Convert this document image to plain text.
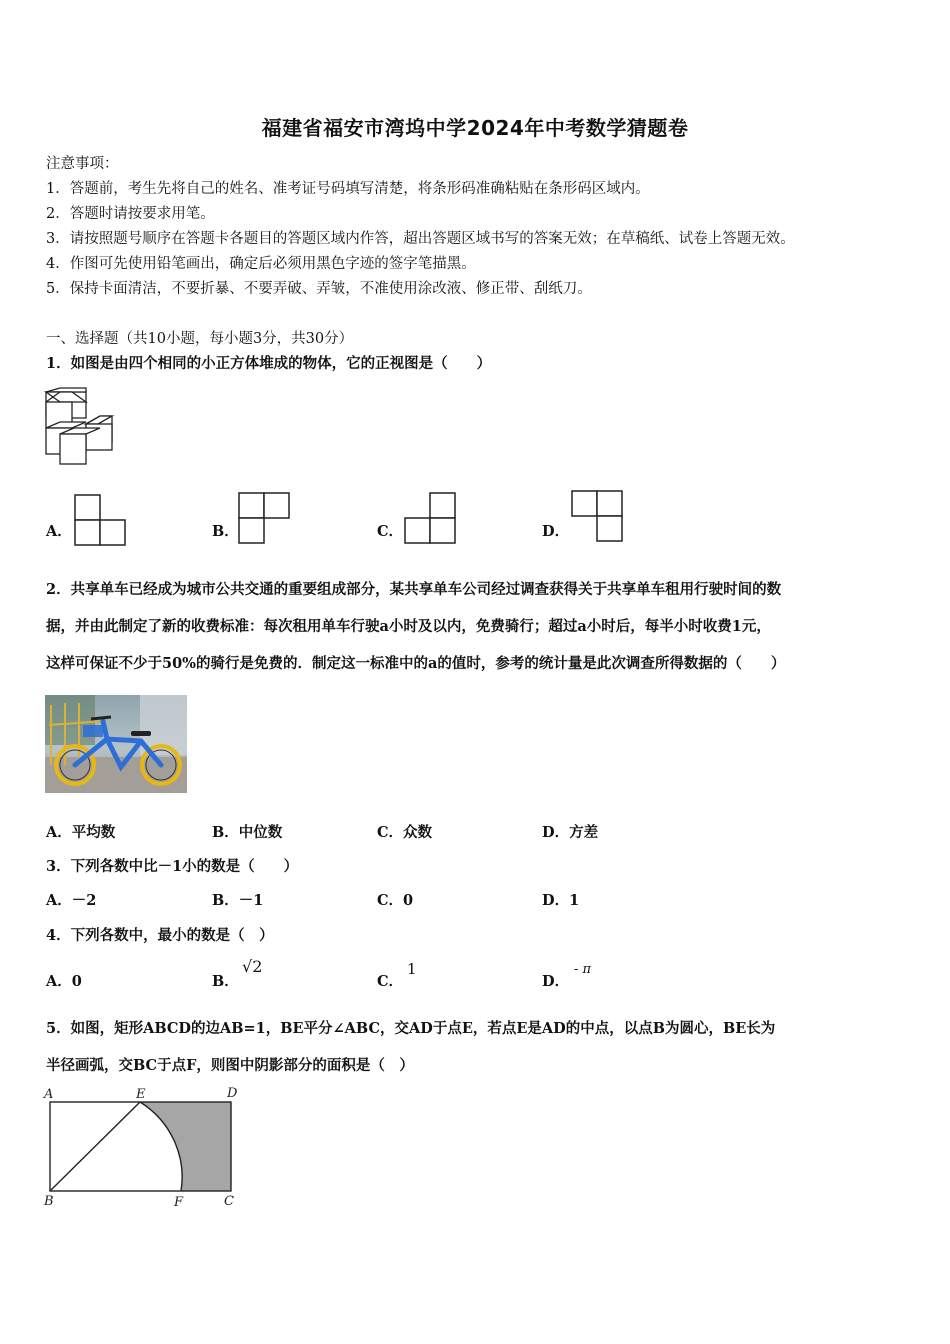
福建省福安市湾坞中学2024年中考数学猜题卷
注意事项：
1．答题前，考生先将自己的姓名、准考证号码填写清楚，将条形码准确粘贴在条形码区域内。
2．答题时请按要求用笔。
3．请按照题号顺序在答题卡各题目的答题区域内作答，超出答题区域书写的答案无效；在草稿纸、试卷上答题无效。
4．作图可先使用铅笔画出，确定后必须用黑色字迹的签字笔描黑。
5．保持卡面清洁，不要折暴、不要弄破、弄皱，不准使用涂改液、修正带、刮纸刀。
一、选择题（共10小题，每小题3分，共30分）
1．如图是由四个相同的小正方体堆成的物体，它的正视图是（　　）
A．	B．	C．	D．
2．共享单车已经成为城市公共交通的重要组成部分，某共享单车公司经过调查获得关于共享单车租用行驶时间的数
据，并由此制定了新的收费标准：每次租用单车行驶a小时及以内，免费骑行；超过a小时后，每半小时收费1元，
这样可保证不少于50%的骑行是免费的．制定这一标准中的a的值时，参考的统计量是此次调查所得数据的（　　）
A．平均数	B．中位数	C．众数	D．方差
3．下列各数中比－1小的数是（　　）
A．－2	B．－1	C．0	D．1
4．下列各数中，最小的数是（　）
A．0	B．
√2
C．
1
D．
- π
5．如图，矩形ABCD的边AB=1，BE平分∠ABC，交AD于点E，若点E是AD的中点，以点B为圆心，BE长为
半径画弧，交BC于点F，则图中阴影部分的面积是（　）
A	E	D
B	F	C
